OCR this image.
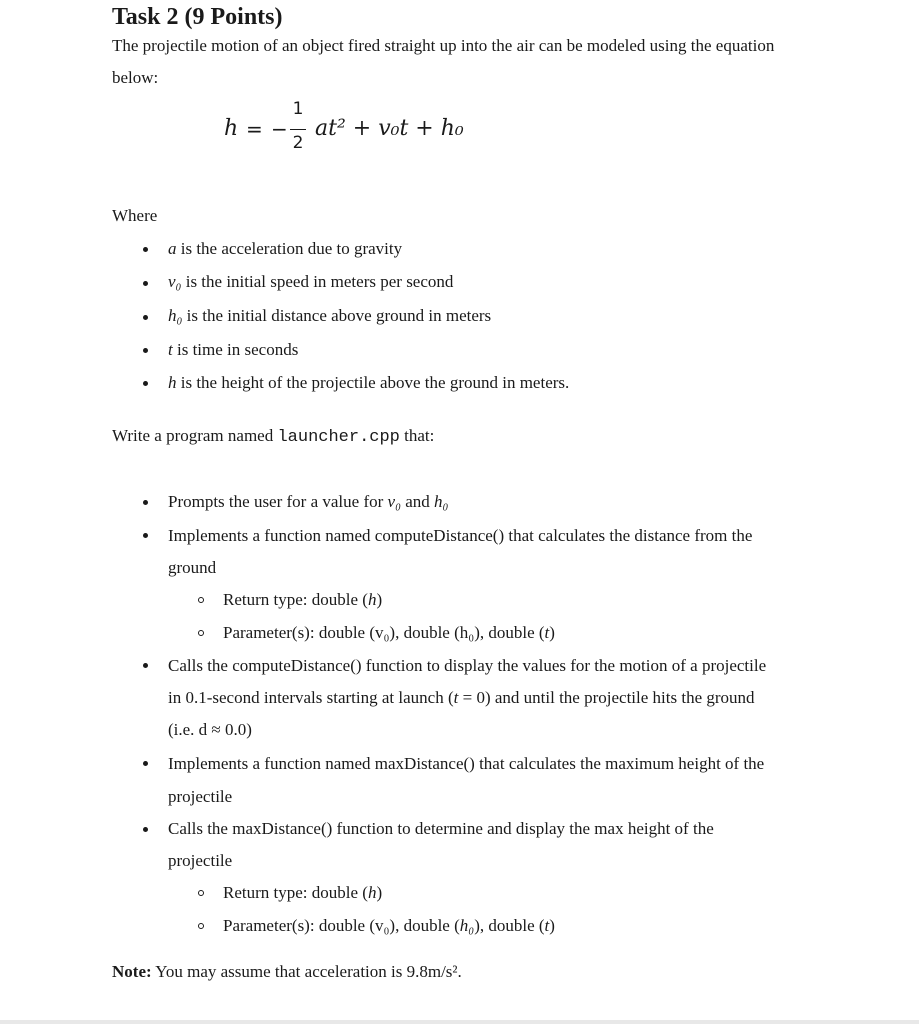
Task 2 (9 Points)
The projectile motion of an object fired straight up into the air can be modeled using the equation
below:
h = −
1
2
at² + v₀t + h₀
Where
a is the acceleration due to gravity
v₀ is the initial speed in meters per second
h₀ is the initial distance above ground in meters
t is time in seconds
h is the height of the projectile above the ground in meters.
Write a program named launcher.cpp that:
Prompts the user for a value for v₀ and h₀
Implements a function named computeDistance() that calculates the distance from the
ground
Return type: double (h)
Parameter(s): double (v₀), double (h₀), double (t)
Calls the computeDistance() function to display the values for the motion of a projectile
in 0.1-second intervals starting at launch (t = 0) and until the projectile hits the ground
(i.e. d ≈ 0.0)
Implements a function named maxDistance() that calculates the maximum height of the
projectile
Calls the maxDistance() function to determine and display the max height of the
projectile
Return type: double (h)
Parameter(s): double (v₀), double (h₀), double (t)
Note: You may assume that acceleration is 9.8m/s².
